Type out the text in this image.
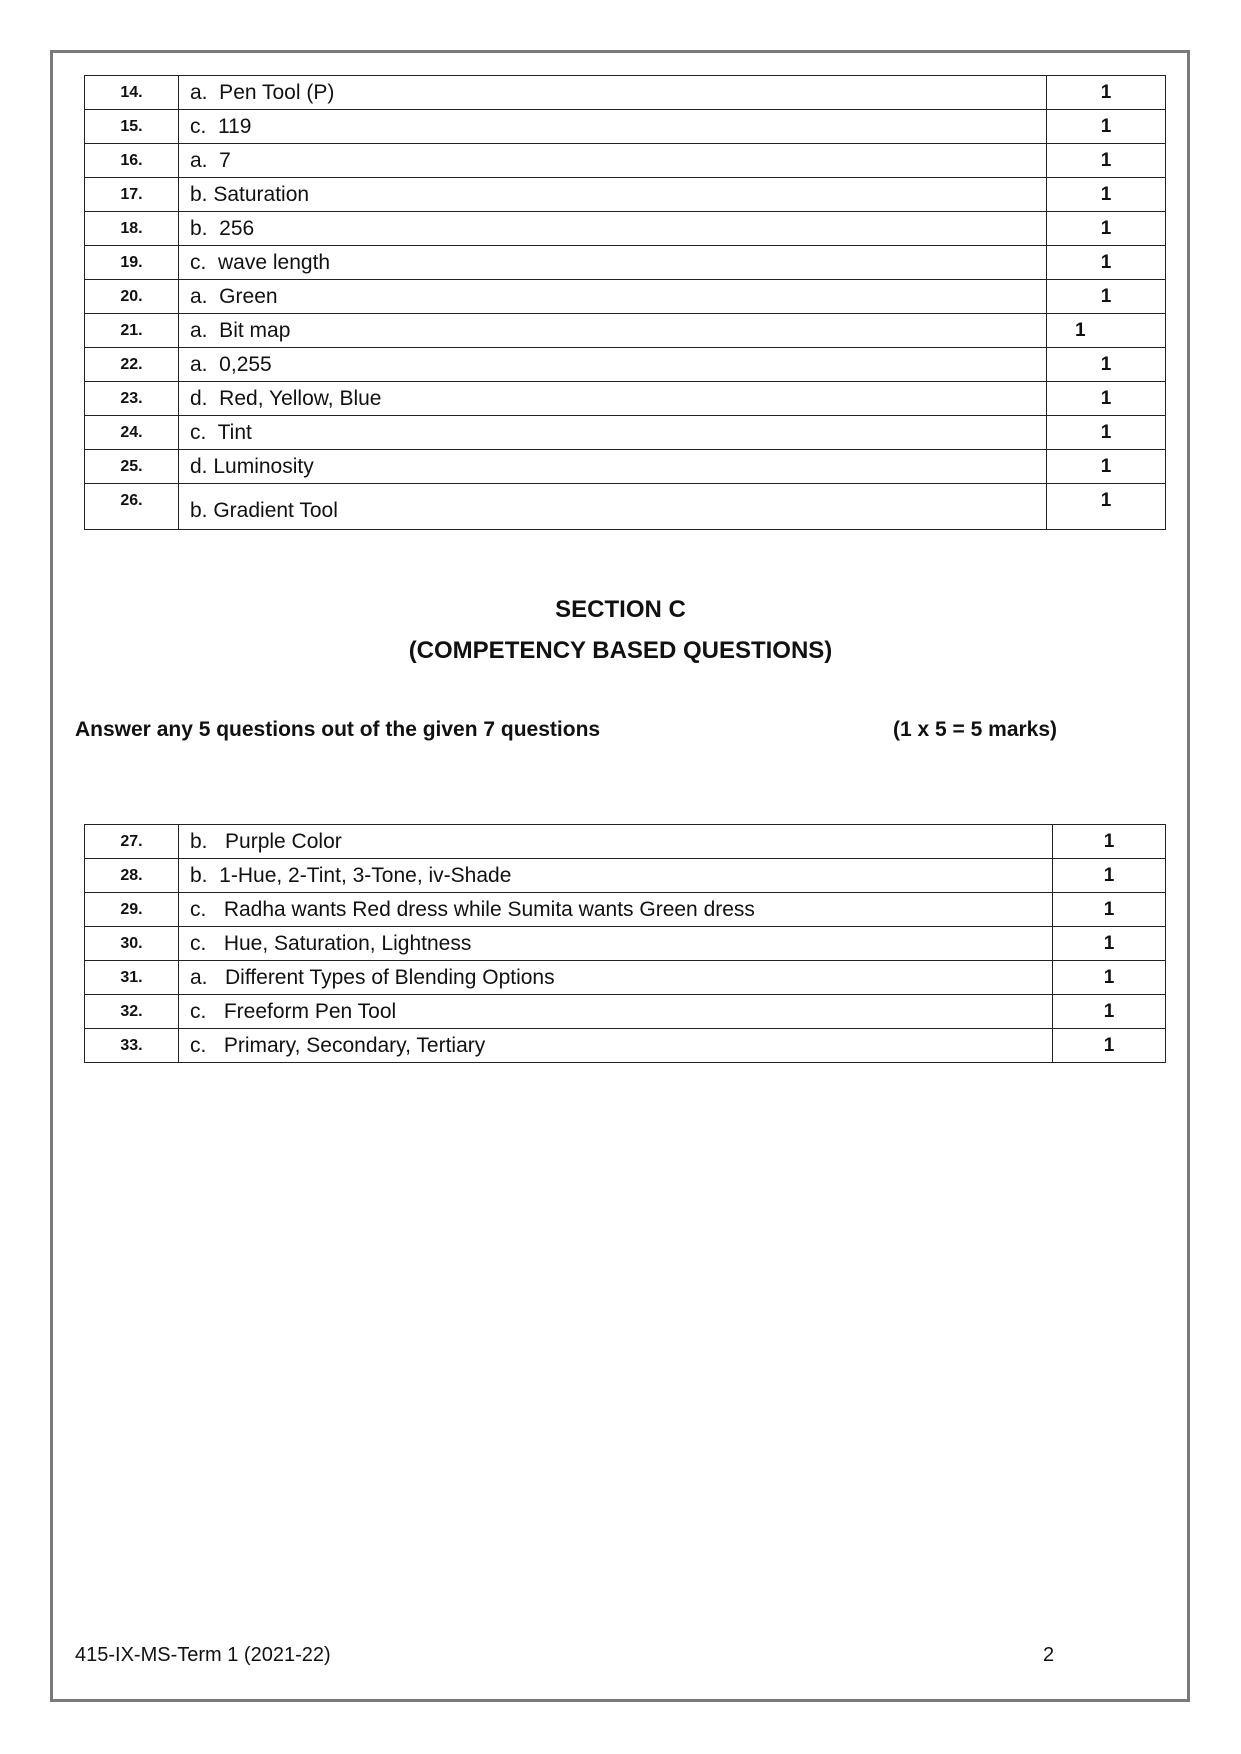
14.	a.  Pen Tool (P)	1
15.	c.  119	1
16.	a.  7	1
17.	b. Saturation	1
18.	b.  256	1
19.	c.  wave length	1
20.	a.  Green	1
21.	a.  Bit map	1
22.	a.  0,255	1
23.	d.  Red, Yellow, Blue	1
24.	c.  Tint	1
25.	d. Luminosity	1
26.	b. Gradient Tool	1
SECTION C
(COMPETENCY BASED QUESTIONS)
Answer any 5 questions out of the given 7 questions	(1 x 5 = 5 marks)
27.	b.   Purple Color	1
28.	b.  1-Hue, 2-Tint, 3-Tone, iv-Shade	1
29.	c.   Radha wants Red dress while Sumita wants Green dress	1
30.	c.   Hue, Saturation, Lightness	1
31.	a.   Different Types of Blending Options	1
32.	c.   Freeform Pen Tool	1
33.	c.   Primary, Secondary, Tertiary	1
415-IX-MS-Term 1 (2021-22)	2
